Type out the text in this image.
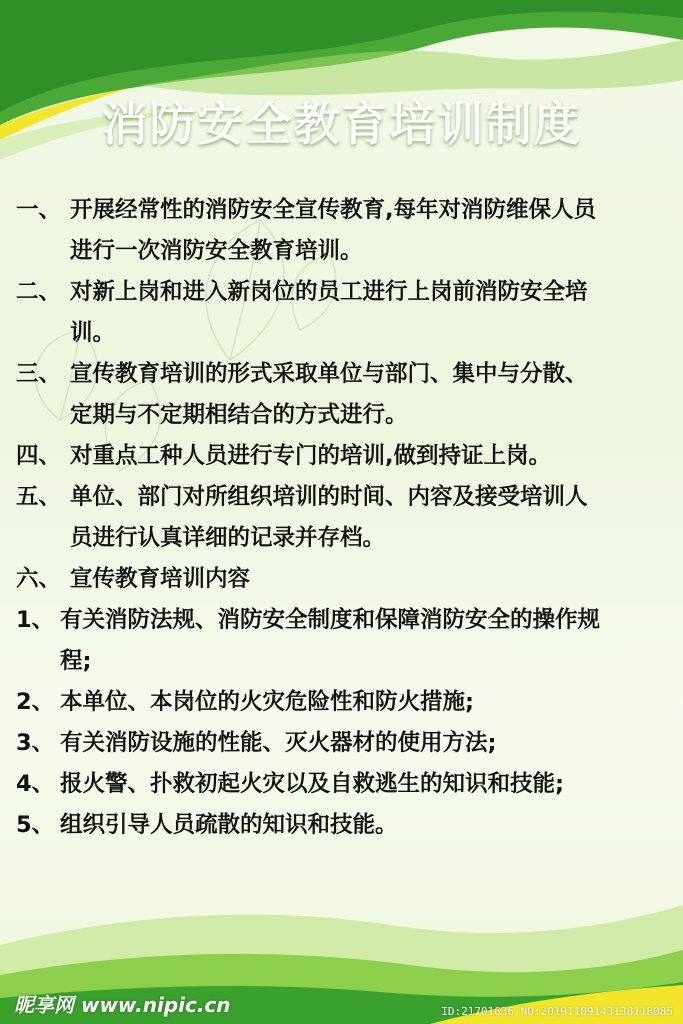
消防安全教育培训制度
一、 开展经常性的消防安全宣传教育,每年对消防维保人员
进行一次消防安全教育培训。
二、 对新上岗和进入新岗位的员工进行上岗前消防安全培
训。
三、 宣传教育培训的形式采取单位与部门、集中与分散、
定期与不定期相结合的方式进行。
四、 对重点工种人员进行专门的培训,做到持证上岗。
五、 单位、部门对所组织培训的时间、内容及接受培训人
员进行认真详细的记录并存档。
六、 宣传教育培训内容
1、 有关消防法规、消防安全制度和保障消防安全的操作规
程;
2、 本单位、本岗位的火灾危险性和防火措施;
3、 有关消防设施的性能、灭火器材的使用方法;
4、 报火警、扑救初起火灾以及自救逃生的知识和技能;
5、 组织引导人员疏散的知识和技能。
昵享网 www.nipic.cn	ID:21701636 NO:20191109143138118085
